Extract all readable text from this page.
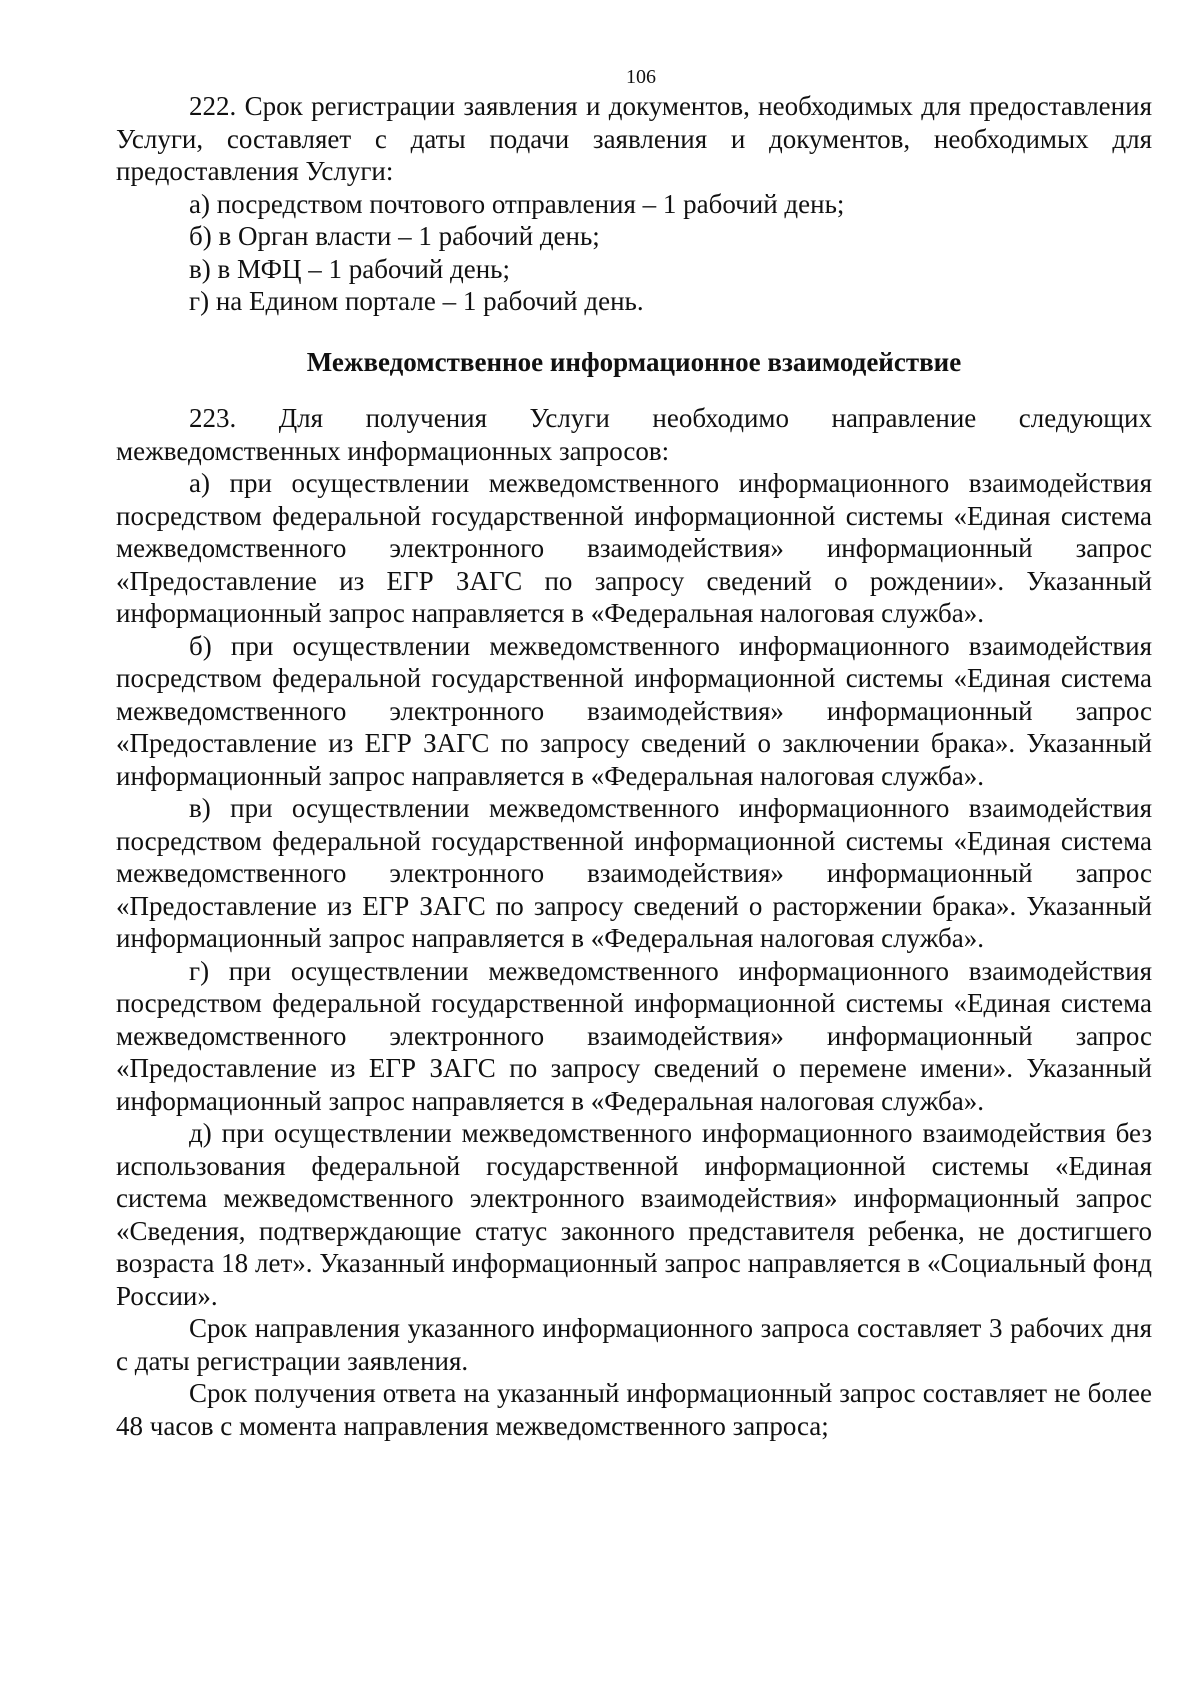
106

222. Срок регистрации заявления и документов, необходимых для предоставления Услуги, составляет с даты подачи заявления и документов, необходимых для предоставления Услуги:

а) посредством почтового отправления – 1 рабочий день;

б) в Орган власти – 1 рабочий день;

в) в МФЦ – 1 рабочий день;

г) на Едином портале – 1 рабочий день.

Межведомственное информационное взаимодействие

223. Для получения Услуги необходимо направление следующих межведомственных информационных запросов:

а) при осуществлении межведомственного информационного взаимодействия посредством федеральной государственной информационной системы «Единая система межведомственного электронного взаимодействия» информационный запрос «Предоставление из ЕГР ЗАГС по запросу сведений о рождении». Указанный информационный запрос направляется в «Федеральная налоговая служба».

б) при осуществлении межведомственного информационного взаимодействия посредством федеральной государственной информационной системы «Единая система межведомственного электронного взаимодействия» информационный запрос «Предоставление из ЕГР ЗАГС по запросу сведений о заключении брака». Указанный информационный запрос направляется в «Федеральная налоговая служба».

в) при осуществлении межведомственного информационного взаимодействия посредством федеральной государственной информационной системы «Единая система межведомственного электронного взаимодействия» информационный запрос «Предоставление из ЕГР ЗАГС по запросу сведений о расторжении брака». Указанный информационный запрос направляется в «Федеральная налоговая служба».

г) при осуществлении межведомственного информационного взаимодействия посредством федеральной государственной информационной системы «Единая система межведомственного электронного взаимодействия» информационный запрос «Предоставление из ЕГР ЗАГС по запросу сведений о перемене имени». Указанный информационный запрос направляется в «Федеральная налоговая служба».

д) при осуществлении межведомственного информационного взаимодействия без использования федеральной государственной информационной системы «Единая система межведомственного электронного взаимодействия» информационный запрос «Сведения, подтверждающие статус законного представителя ребенка, не достигшего возраста 18 лет». Указанный информационный запрос направляется в «Социальный фонд России».

Срок направления указанного информационного запроса составляет 3 рабочих дня с даты регистрации заявления.

Срок получения ответа на указанный информационный запрос составляет не более 48 часов с момента направления межведомственного запроса;
